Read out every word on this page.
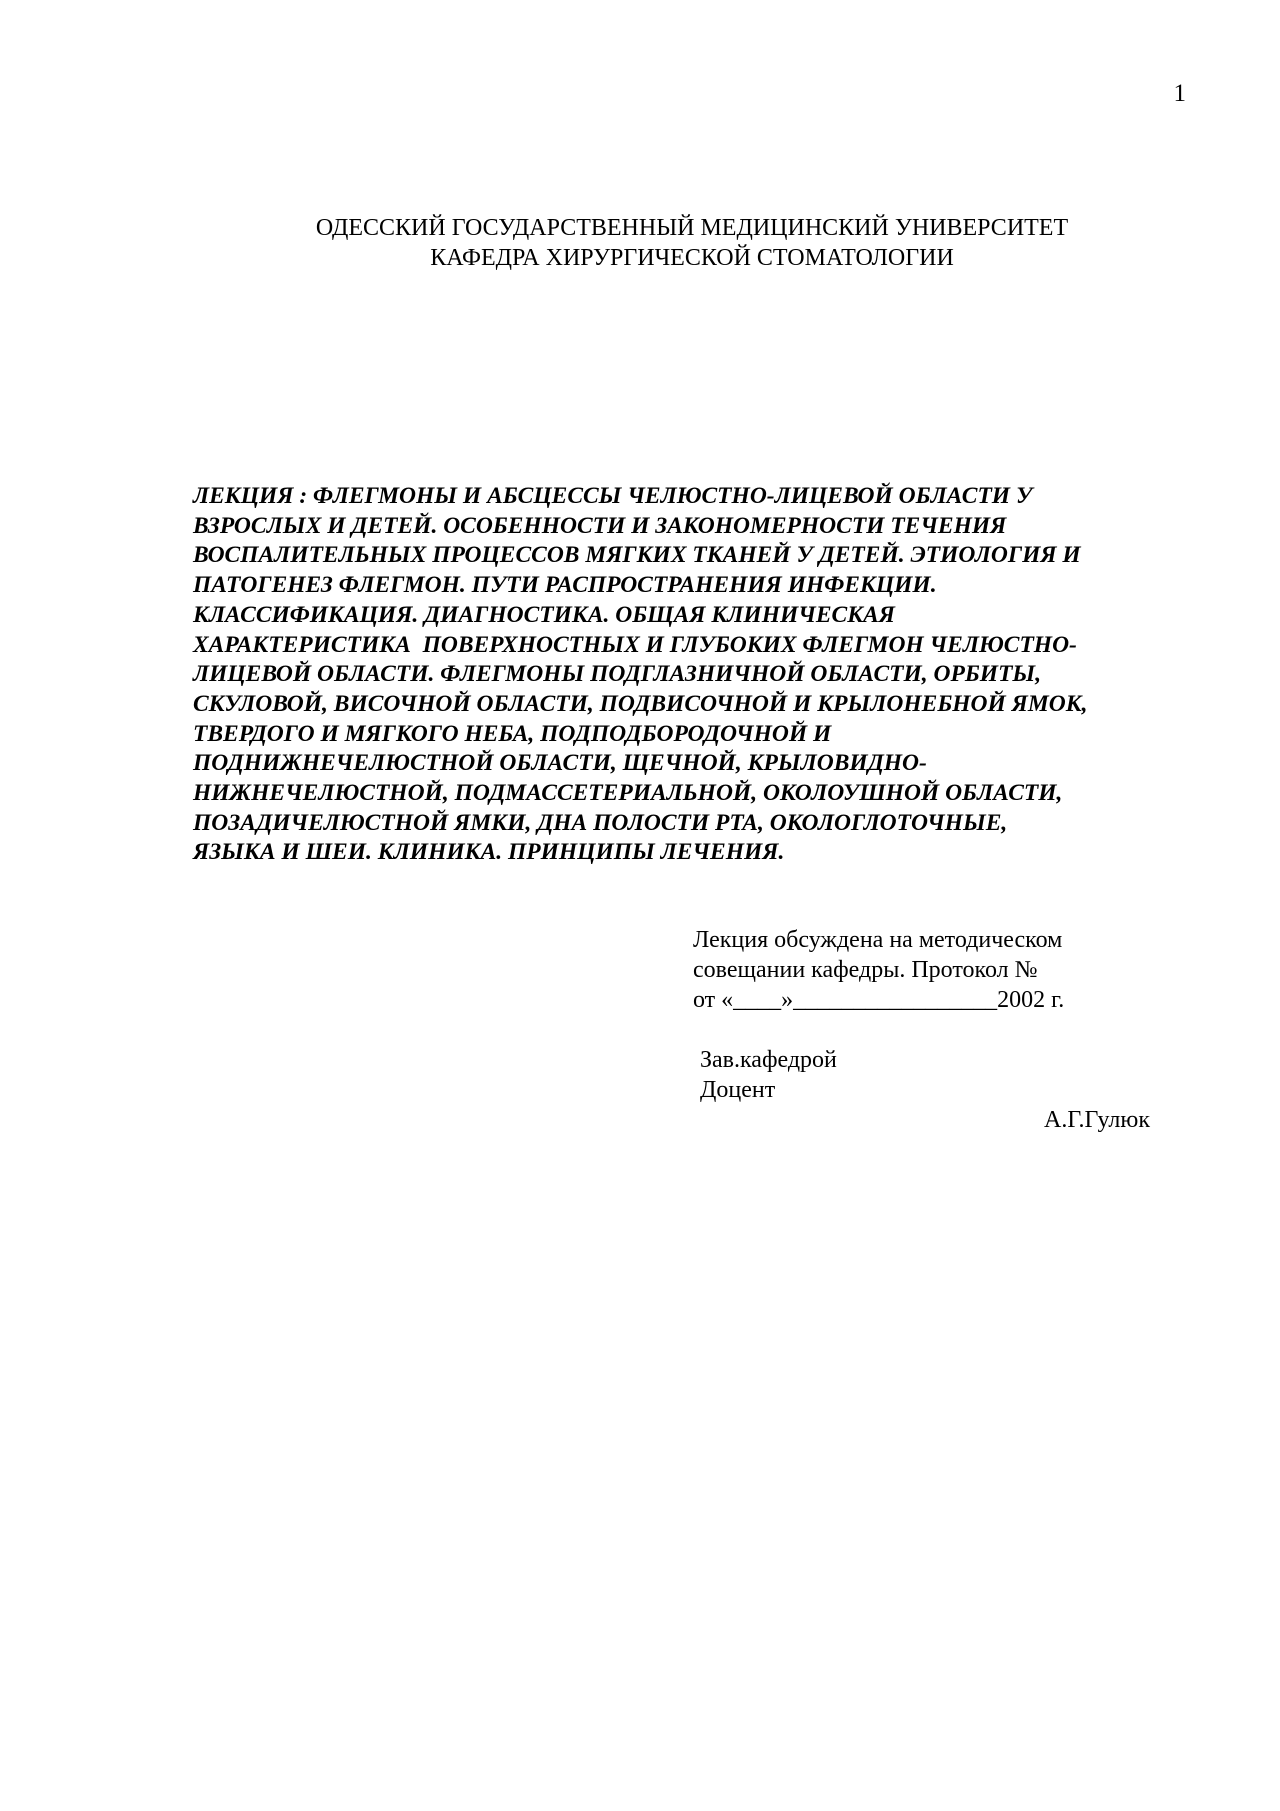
1
ОДЕССКИЙ ГОСУДАРСТВЕННЫЙ МЕДИЦИНСКИЙ УНИВЕРСИТЕТ
КАФЕДРА ХИРУРГИЧЕСКОЙ СТОМАТОЛОГИИ
ЛЕКЦИЯ : ФЛЕГМОНЫ И АБСЦЕССЫ ЧЕЛЮСТНО-ЛИЦЕВОЙ ОБЛАСТИ У
ВЗРОСЛЫХ И ДЕТЕЙ. ОСОБЕННОСТИ И ЗАКОНОМЕРНОСТИ ТЕЧЕНИЯ
ВОСПАЛИТЕЛЬНЫХ ПРОЦЕССОВ МЯГКИХ ТКАНЕЙ У ДЕТЕЙ. ЭТИОЛОГИЯ И
ПАТОГЕНЕЗ ФЛЕГМОН. ПУТИ РАСПРОСТРАНЕНИЯ ИНФЕКЦИИ.
КЛАССИФИКАЦИЯ. ДИАГНОСТИКА. ОБЩАЯ КЛИНИЧЕСКАЯ
ХАРАКТЕРИСТИКА  ПОВЕРХНОСТНЫХ И ГЛУБОКИХ ФЛЕГМОН ЧЕЛЮСТНО-
ЛИЦЕВОЙ ОБЛАСТИ. ФЛЕГМОНЫ ПОДГЛАЗНИЧНОЙ ОБЛАСТИ, ОРБИТЫ,
СКУЛОВОЙ, ВИСОЧНОЙ ОБЛАСТИ, ПОДВИСОЧНОЙ И КРЫЛОНЕБНОЙ ЯМОК,
ТВЕРДОГО И МЯГКОГО НЕБА, ПОДПОДБОРОДОЧНОЙ И
ПОДНИЖНЕЧЕЛЮСТНОЙ ОБЛАСТИ, ЩЕЧНОЙ, КРЫЛОВИДНО-
НИЖНЕЧЕЛЮСТНОЙ, ПОДМАССЕТЕРИАЛЬНОЙ, ОКОЛОУШНОЙ ОБЛАСТИ,
ПОЗАДИЧЕЛЮСТНОЙ ЯМКИ, ДНА ПОЛОСТИ РТА, ОКОЛОГЛОТОЧНЫЕ,
ЯЗЫКА И ШЕИ. КЛИНИКА. ПРИНЦИПЫ ЛЕЧЕНИЯ.
Лекция обсуждена на методическом
совещании кафедры. Протокол №
от «____»_________________2002 г.
Зав.кафедрой
Доцент
А.Г.Гулюк
